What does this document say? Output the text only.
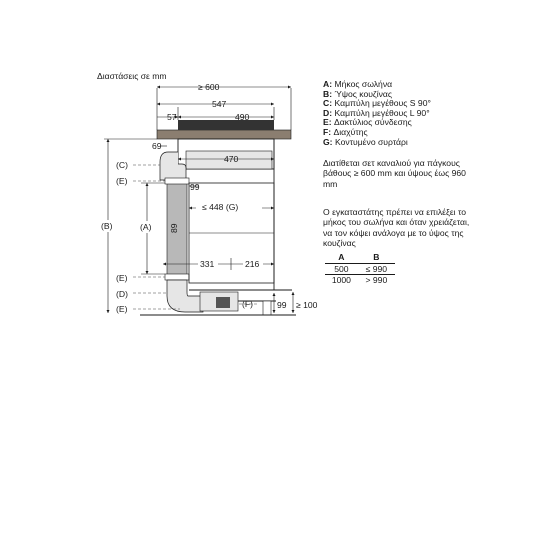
≥ 600
547
57	490
69
470
99
≤ 448 (G)
89
331	216
99 ≥ 100
(C)
(E)
(A)
(B)
(E)
(D)
(E)	(F)
Διαστάσεις σε mm
A: Μήκος σωλήνα
B: Ύψος κουζίνας
C: Καμπύλη μεγέθους S 90°
D: Καμπύλη μεγέθους L 90°
E: Δακτύλιος σύνδεσης
F: Διαχύτης
G: Κοντυμένο συρτάρι
Διατίθεται σετ καναλιού για πάγκους βάθους ≥ 600 mm και ύψους έως 960 mm
Ο εγκαταστάτης πρέπει να επιλέξει το μήκος του σωλήνα και όταν χρειάζεται, να τον κόψει ανάλογα με το ύψος της κουζίνας
A	B
500	≤ 990
1000	> 990
